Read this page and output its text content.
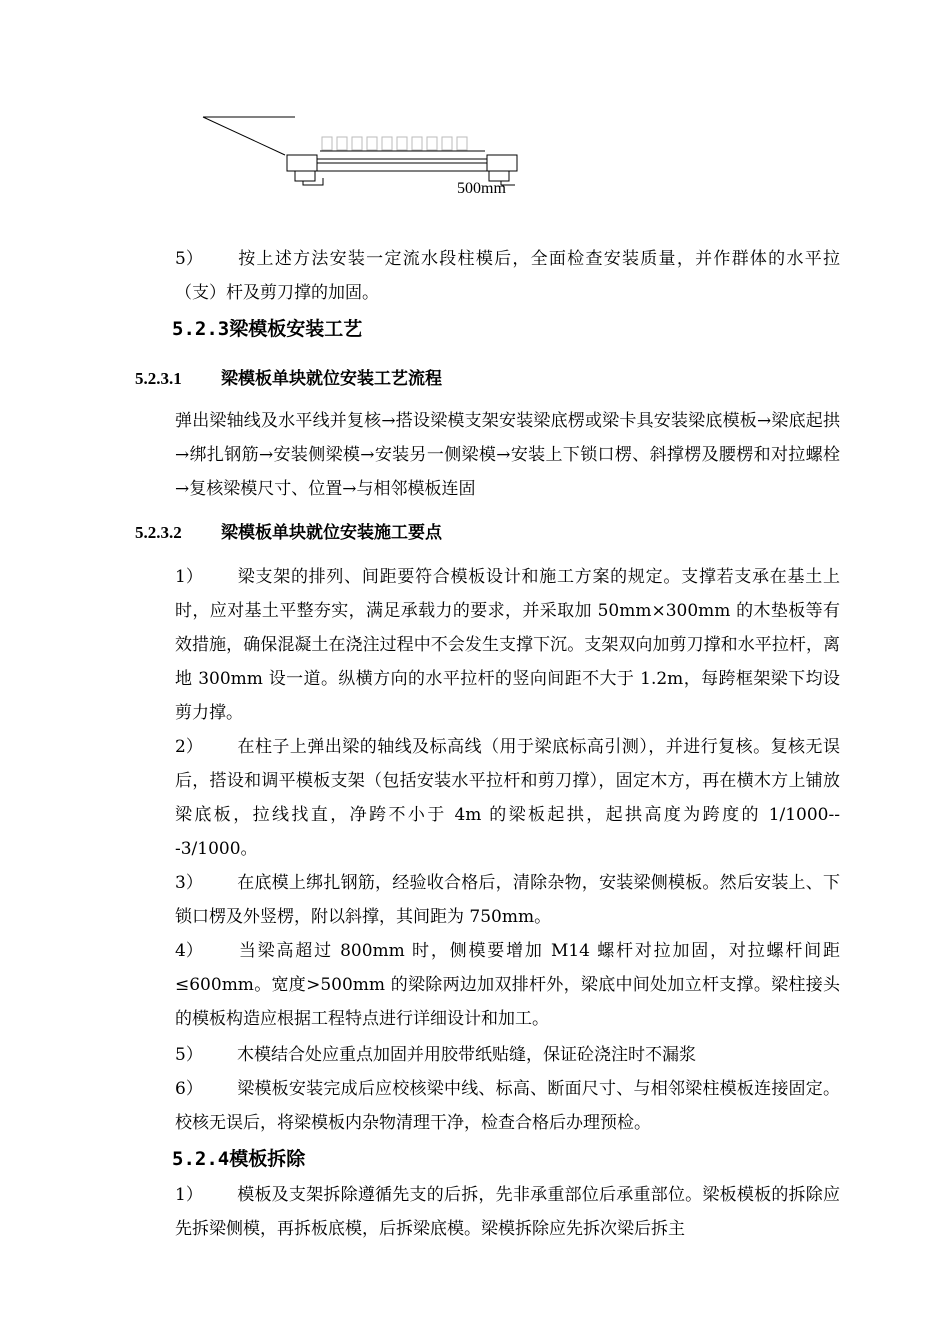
500mm
5） 按上述方法安装一定流水段柱模后，全面检查安装质量，并作群体的水平拉（支）杆及剪刀撑的加固。
5.2.3梁模板安装工艺
5.2.3.1 梁模板单块就位安装工艺流程
弹出梁轴线及水平线并复核→搭设梁模支架安装梁底楞或梁卡具安装梁底模板→梁底起拱→绑扎钢筋→安装侧梁模→安装另一侧梁模→安装上下锁口楞、斜撑楞及腰楞和对拉螺栓 →复核梁模尺寸、位置→与相邻模板连固
5.2.3.2 梁模板单块就位安装施工要点
1） 梁支架的排列、间距要符合模板设计和施工方案的规定。支撑若支承在基土上时，应对基土平整夯实，满足承载力的要求，并采取加 50mm×300mm 的木垫板等有效措施，确保混凝土在浇注过程中不会发生支撑下沉。支架双向加剪刀撑和水平拉杆，离地 300mm 设一道。纵横方向的水平拉杆的竖向间距不大于 1.2m，每跨框架梁下均设剪力撑。
2） 在柱子上弹出梁的轴线及标高线（用于梁底标高引测），并进行复核。复核无误后，搭设和调平模板支架（包括安装水平拉杆和剪刀撑），固定木方，再在横木方上铺放梁底板，拉线找直，净跨不小于 4m 的梁板起拱，起拱高度为跨度的 1/1000---3/1000。
3） 在底模上绑扎钢筋，经验收合格后，清除杂物，安装梁侧模板。然后安装上、下锁口楞及外竖楞，附以斜撑，其间距为 750mm。
4） 当梁高超过 800mm 时，侧模要增加 M14 螺杆对拉加固，对拉螺杆间距≤600mm。宽度>500mm 的梁除两边加双排杆外，梁底中间处加立杆支撑。梁柱接头的模板构造应根据工程特点进行详细设计和加工。
5） 木模结合处应重点加固并用胶带纸贴缝，保证砼浇注时不漏浆
6） 梁模板安装完成后应校核梁中线、标高、断面尺寸、与相邻梁柱模板连接固定。校核无误后，将梁模板内杂物清理干净，检查合格后办理预检。
5.2.4模板拆除
1） 模板及支架拆除遵循先支的后拆，先非承重部位后承重部位。梁板模板的拆除应先拆梁侧模，再拆板底模，后拆梁底模。梁模拆除应先拆次梁后拆主
